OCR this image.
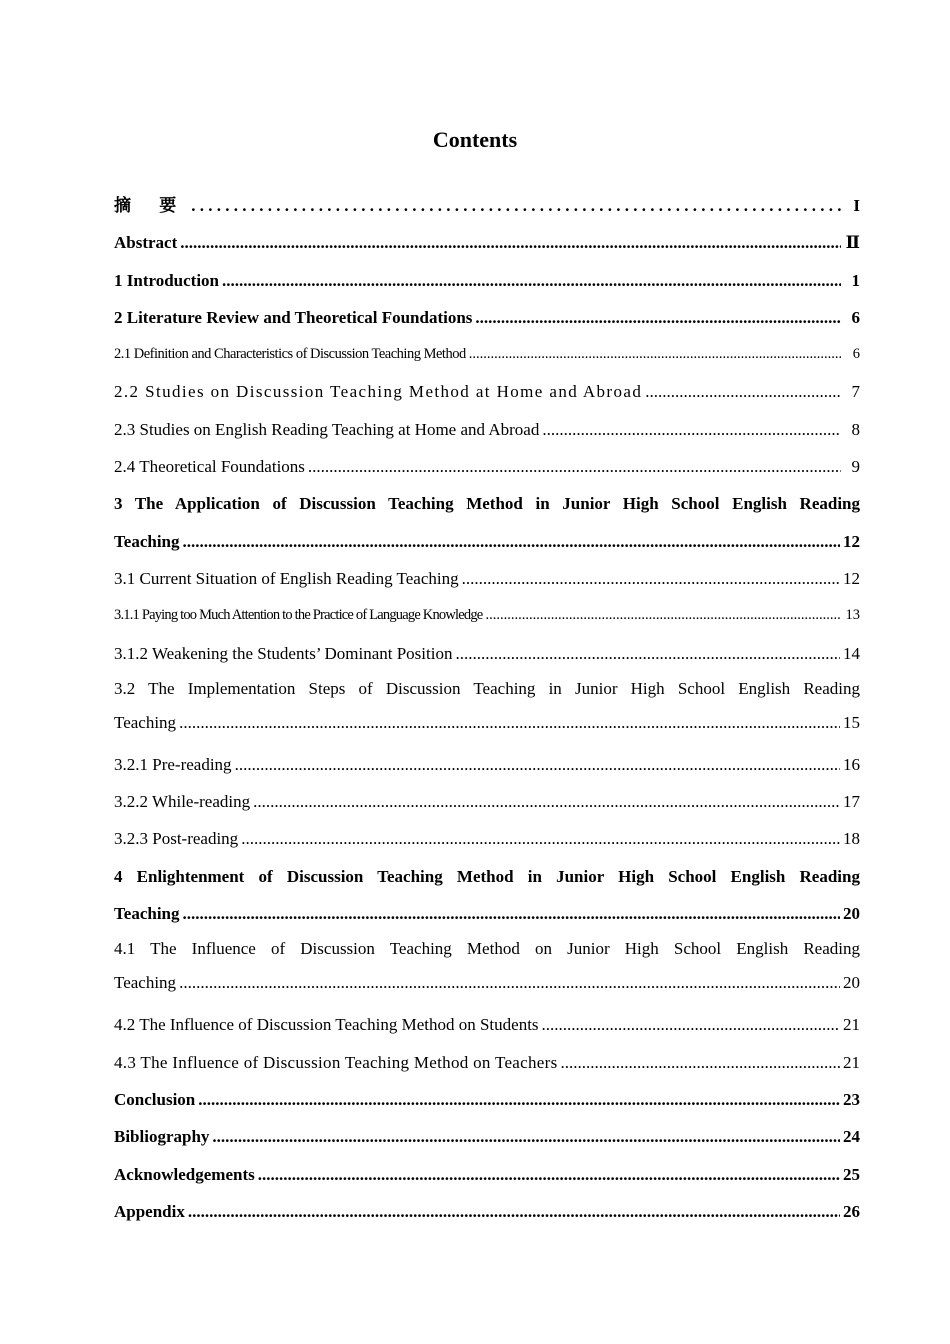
Contents
摘 要 . . .	I
Abstract .....	Ⅱ
1 Introduction .....	1
2 Literature Review and Theoretical Foundations .....	6
2.1 Definition and Characteristics of Discussion Teaching Method .....	6
2.2 Studies on Discussion Teaching Method at Home and Abroad .....	7
2.3 Studies on English Reading Teaching at Home and Abroad .....	8
2.4 Theoretical Foundations .....	9
3 The Application of Discussion Teaching Method in Junior High School English Reading
Teaching .....	12
3.1 Current Situation of English Reading Teaching .....	12
3.1.1 Paying too Much Attention to the Practice of Language Knowledge .....	13
3.1.2 Weakening the Students’ Dominant Position .....	14
3.2 The Implementation Steps of Discussion Teaching in Junior High School English Reading
Teaching .....	15
3.2.1 Pre-reading .....	16
3.2.2 While-reading .....	17
3.2.3 Post-reading .....	18
4 Enlightenment of Discussion Teaching Method in Junior High School English Reading
Teaching .....	20
4.1 The Influence of Discussion Teaching Method on Junior High School English Reading
Teaching .....	20
4.2 The Influence of Discussion Teaching Method on Students .....	21
4.3 The Influence of Discussion Teaching Method on Teachers .....	21
Conclusion .....	23
Bibliography .....	24
Acknowledgements .....	25
Appendix .....	26
